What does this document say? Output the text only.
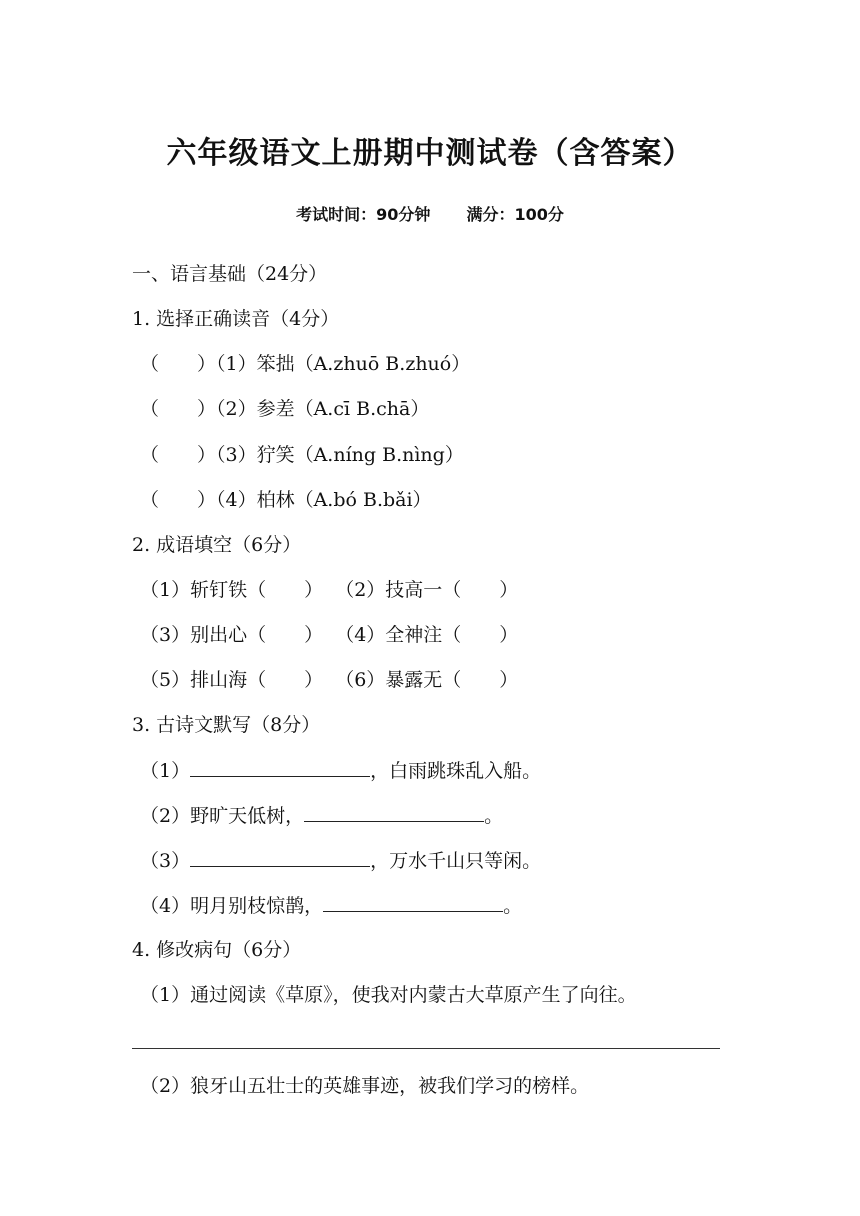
六年级语文上册期中测试卷（含答案）
考试时间：90分钟 满分：100分
一、语言基础（24分）
1. 选择正确读音（4分）
（　　）（1）笨拙（A.zhuō B.zhuó）
（　　）（2）参差（A.cī B.chā）
（　　）（3）狞笑（A.níng B.nìng）
（　　）（4）柏林（A.bó B.bǎi）
2. 成语填空（6分）
（1）斩钉铁（　　） （2）技高一（　　）
（3）别出心（　　） （4）全神注（　　）
（5）排山海（　　） （6）暴露无（　　）
3. 古诗文默写（8分）
（1）	，白雨跳珠乱入船。
（2）野旷天低树，	。
（3）	，万水千山只等闲。
（4）明月别枝惊鹊，	。
4. 修改病句（6分）
（1）通过阅读《草原》，使我对内蒙古大草原产生了向往。
（2）狼牙山五壮士的英雄事迹，被我们学习的榜样。
